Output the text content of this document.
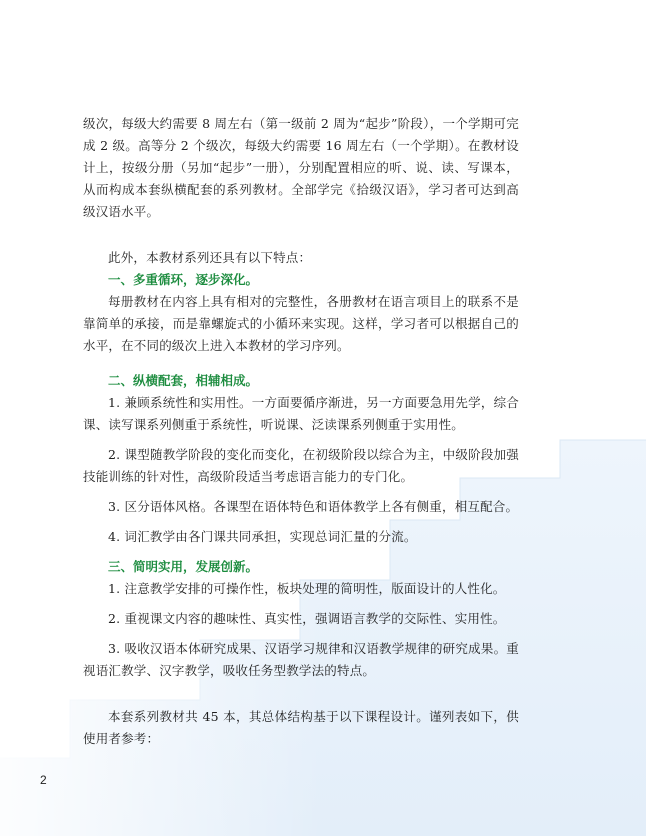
级次，每级大约需要 8 周左右（第一级前 2 周为“起步”阶段），一个学期可完成 2 级。高等分 2 个级次，每级大约需要 16 周左右（一个学期）。在教材设计上，按级分册（另加“起步”一册），分别配置相应的听、说、读、写课本，从而构成本套纵横配套的系列教材。全部学完《拾级汉语》，学习者可达到高级汉语水平。

此外，本教材系列还具有以下特点：

一、多重循环，逐步深化。

每册教材在内容上具有相对的完整性，各册教材在语言项目上的联系不是靠简单的承接，而是靠螺旋式的小循环来实现。这样，学习者可以根据自己的水平，在不同的级次上进入本教材的学习序列。

二、纵横配套，相辅相成。

1. 兼顾系统性和实用性。一方面要循序渐进，另一方面要急用先学，综合课、读写课系列侧重于系统性，听说课、泛读课系列侧重于实用性。

2. 课型随教学阶段的变化而变化，在初级阶段以综合为主，中级阶段加强技能训练的针对性，高级阶段适当考虑语言能力的专门化。

3. 区分语体风格。各课型在语体特色和语体教学上各有侧重，相互配合。

4. 词汇教学由各门课共同承担，实现总词汇量的分流。

三、简明实用，发展创新。

1. 注意教学安排的可操作性，板块处理的简明性，版面设计的人性化。

2. 重视课文内容的趣味性、真实性，强调语言教学的交际性、实用性。

3. 吸收汉语本体研究成果、汉语学习规律和汉语教学规律的研究成果。重视语汇教学、汉字教学，吸收任务型教学法的特点。

本套系列教材共 45 本，其总体结构基于以下课程设计。谨列表如下，供使用者参考：

2
